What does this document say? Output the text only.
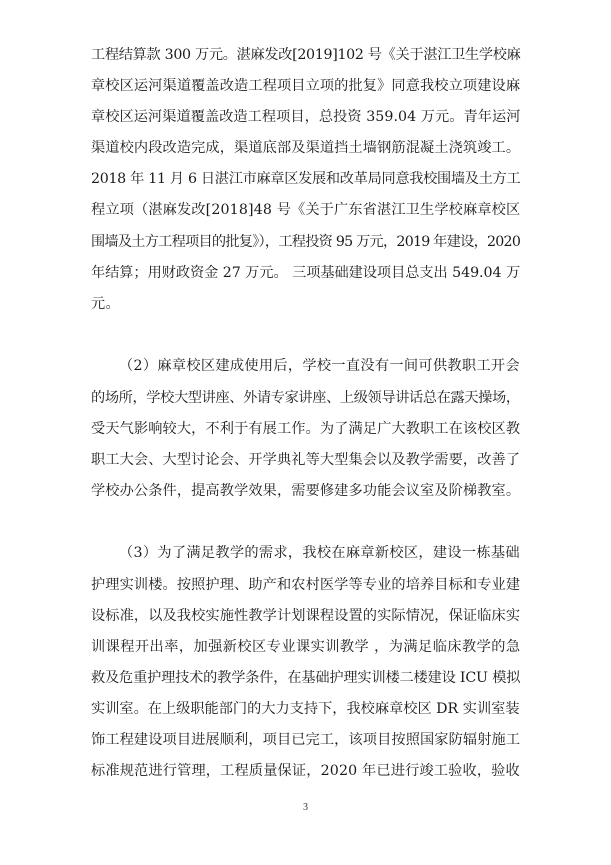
工程结算款 300 万元。湛麻发改[2019]102 号《关于湛江卫生学校麻
章校区运河渠道覆盖改造工程项目立项的批复》同意我校立项建设麻
章校区运河渠道覆盖改造工程项目，总投资 359.04 万元。青年运河
渠道校内段改造完成，渠道底部及渠道挡土墙钢筋混凝土浇筑竣工。
2018 年 11 月 6 日湛江市麻章区发展和改革局同意我校围墙及土方工
程立项（湛麻发改[2018]48 号《关于广东省湛江卫生学校麻章校区
围墙及土方工程项目的批复》），工程投资 95 万元，2019 年建设，2020
年结算；用财政资金 27 万元。 三项基础建设项目总支出 549.04 万
元。
（2）麻章校区建成使用后，学校一直没有一间可供教职工开会
的场所，学校大型讲座、外请专家讲座、上级领导讲话总在露天操场，
受天气影响较大，不利于有展工作。为了满足广大教职工在该校区教
职工大会、大型讨论会、开学典礼等大型集会以及教学需要，改善了
学校办公条件，提高教学效果，需要修建多功能会议室及阶梯教室。
（3）为了满足教学的需求，我校在麻章新校区，建设一栋基础
护理实训楼。按照护理、助产和农村医学等专业的培养目标和专业建
设标准，以及我校实施性教学计划课程设置的实际情况，保证临床实
训课程开出率，加强新校区专业课实训教学 ，为满足临床教学的急
救及危重护理技术的教学条件，在基础护理实训楼二楼建设 ICU 模拟
实训室。在上级职能部门的大力支持下，我校麻章校区 DR 实训室装
饰工程建设项目进展顺利，项目已完工，该项目按照国家防辐射施工
标准规范进行管理，工程质量保证，2020 年已进行竣工验收，验收
3
